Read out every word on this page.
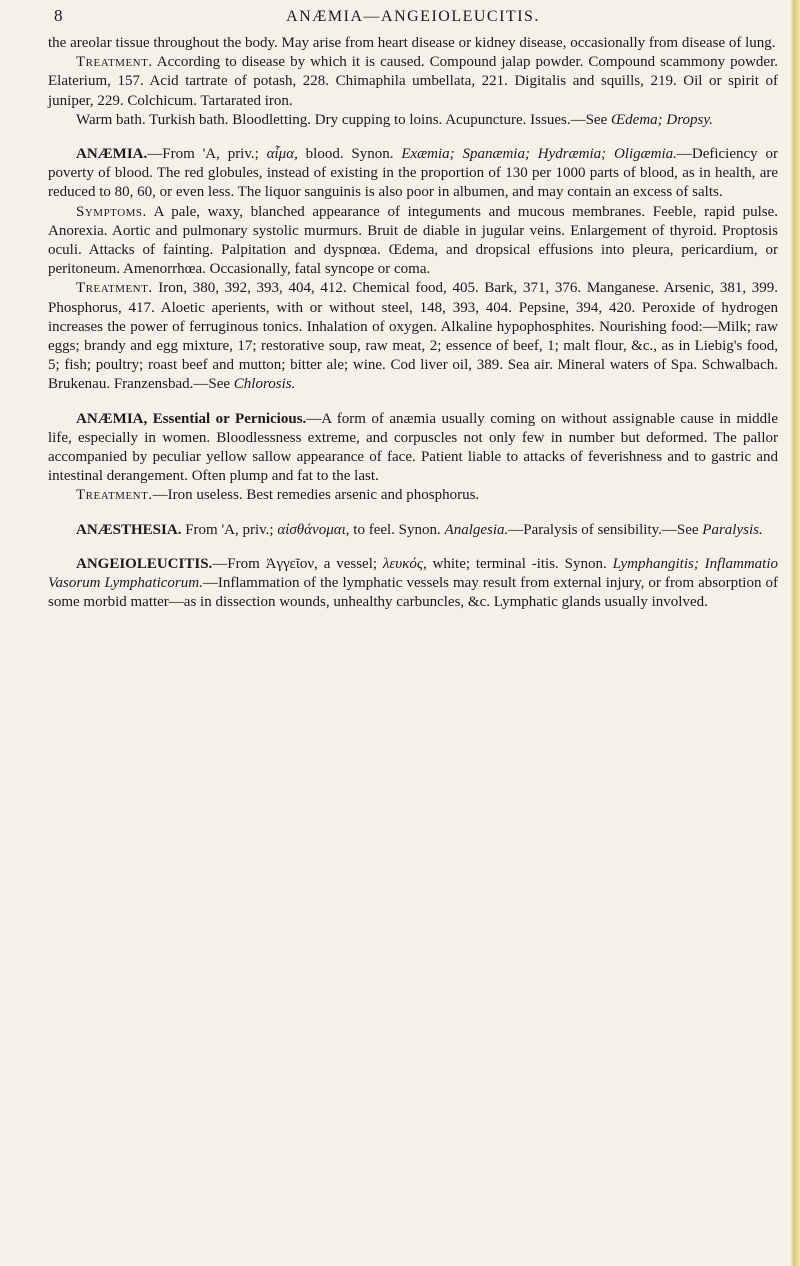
8	ANÆMIA—ANGEIOLEUCITIS.

the areolar tissue throughout the body. May arise from heart disease or kidney disease, occasionally from disease of lung.

Treatment. According to disease by which it is caused. Compound jalap powder. Compound scammony powder. Elaterium, 157. Acid tartrate of potash, 228. Chimaphila umbellata, 221. Digitalis and squills, 219. Oil or spirit of juniper, 229. Colchicum. Tartarated iron.

Warm bath. Turkish bath. Bloodletting. Dry cupping to loins. Acupuncture. Issues.—See Œdema; Dropsy.

ANÆMIA.—From 'A, priv.; αἷμα, blood. Synon. Exæmia; Spanæmia; Hydræmia; Oligæmia.—Deficiency or poverty of blood. The red globules, instead of existing in the proportion of 130 per 1000 parts of blood, as in health, are reduced to 80, 60, or even less. The liquor sanguinis is also poor in albumen, and may contain an excess of salts.

Symptoms. A pale, waxy, blanched appearance of integuments and mucous membranes. Feeble, rapid pulse. Anorexia. Aortic and pulmonary systolic murmurs. Bruit de diable in jugular veins. Enlargement of thyroid. Proptosis oculi. Attacks of fainting. Palpitation and dyspnœa. Œdema, and dropsical effusions into pleura, pericardium, or peritoneum. Amenorrhœa. Occasionally, fatal syncope or coma.

Treatment. Iron, 380, 392, 393, 404, 412. Chemical food, 405. Bark, 371, 376. Manganese. Arsenic, 381, 399. Phosphorus, 417. Aloetic aperients, with or without steel, 148, 393, 404. Pepsine, 394, 420. Peroxide of hydrogen increases the power of ferruginous tonics. Inhalation of oxygen. Alkaline hypophosphites. Nourishing food:—Milk; raw eggs; brandy and egg mixture, 17; restorative soup, raw meat, 2; essence of beef, 1; malt flour, &c., as in Liebig's food, 5; fish; poultry; roast beef and mutton; bitter ale; wine. Cod liver oil, 389. Sea air. Mineral waters of Spa. Schwalbach. Brukenau. Franzensbad.—See Chlorosis.

ANÆMIA, Essential or Pernicious.—A form of anæmia usually coming on without assignable cause in middle life, especially in women. Bloodlessness extreme, and corpuscles not only few in number but deformed. The pallor accompanied by peculiar yellow sallow appearance of face. Patient liable to attacks of feverishness and to gastric and intestinal derangement. Often plump and fat to the last.

Treatment.—Iron useless. Best remedies arsenic and phosphorus.

ANÆSTHESIA. From 'A, priv.; αἰσθάνομαι, to feel. Synon. Analgesia.—Paralysis of sensibility.—See Paralysis.

ANGEIOLEUCITIS.—From Ἀγγεῖον, a vessel; λευκός, white; terminal -itis. Synon. Lymphangitis; Inflammatio Vasorum Lymphaticorum.—Inflammation of the lymphatic vessels may result from external injury, or from absorption of some morbid matter—as in dissection wounds, unhealthy carbuncles, &c. Lymphatic glands usually involved.
